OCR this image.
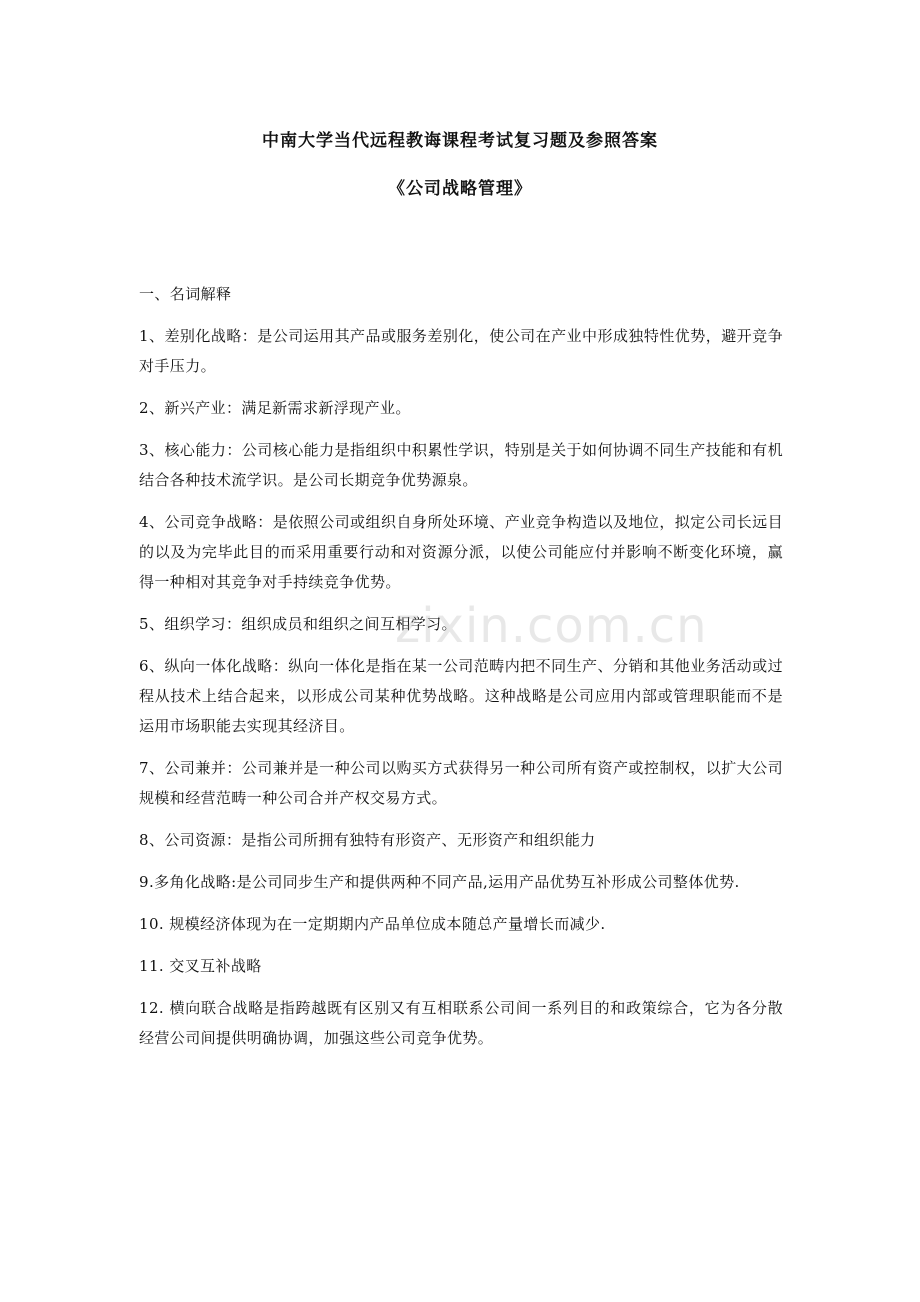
中南大学当代远程教诲课程考试复习题及参照答案
《公司战略管理》

一、名词解释

1、差别化战略：是公司运用其产品或服务差别化，使公司在产业中形成独特性优势，避开竞争对手压力。

2、新兴产业：满足新需求新浮现产业。

3、核心能力：公司核心能力是指组织中积累性学识，特别是关于如何协调不同生产技能和有机结合各种技术流学识。是公司长期竞争优势源泉。

4、公司竞争战略：是依照公司或组织自身所处环境、产业竞争构造以及地位，拟定公司长远目的以及为完毕此目的而采用重要行动和对资源分派，以使公司能应付并影响不断变化环境，赢得一种相对其竞争对手持续竞争优势。

5、组织学习：组织成员和组织之间互相学习。

6、纵向一体化战略：纵向一体化是指在某一公司范畴内把不同生产、分销和其他业务活动或过程从技术上结合起来，以形成公司某种优势战略。这种战略是公司应用内部或管理职能而不是运用市场职能去实现其经济目。

7、公司兼并：公司兼并是一种公司以购买方式获得另一种公司所有资产或控制权，以扩大公司规模和经营范畴一种公司合并产权交易方式。

8、公司资源：是指公司所拥有独特有形资产、无形资产和组织能力

9.多角化战略:是公司同步生产和提供两种不同产品,运用产品优势互补形成公司整体优势.

10. 规模经济体现为在一定期期内产品单位成本随总产量增长而减少.

11. 交叉互补战略

12. 横向联合战略是指跨越既有区别又有互相联系公司间一系列目的和政策综合，它为各分散经营公司间提供明确协调，加强这些公司竞争优势。

zixin.com.cn
